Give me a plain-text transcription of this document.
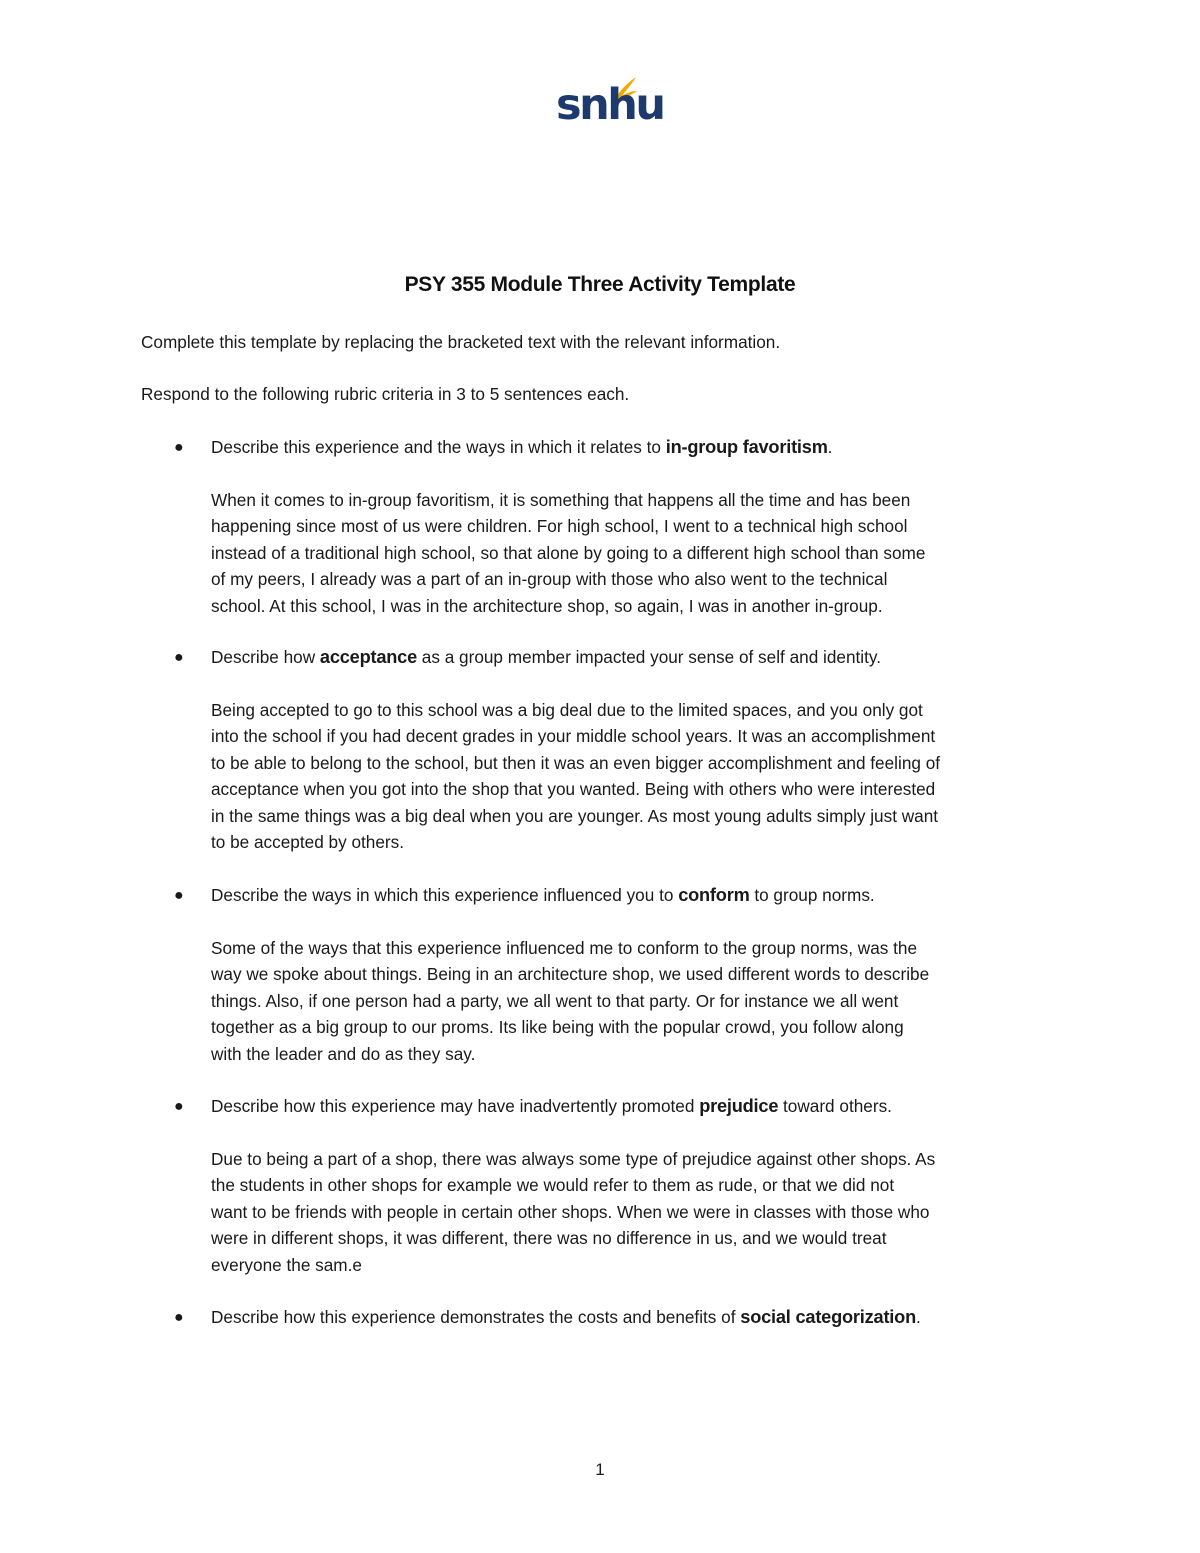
snhu
PSY 355 Module Three Activity Template

Complete this template by replacing the bracketed text with the relevant information.

Respond to the following rubric criteria in 3 to 5 sentences each.

● Describe this experience and the ways in which it relates to in-group favoritism.

When it comes to in-group favoritism, it is something that happens all the time and has been
happening since most of us were children. For high school, I went to a technical high school
instead of a traditional high school, so that alone by going to a different high school than some
of my peers, I already was a part of an in-group with those who also went to the technical
school. At this school, I was in the architecture shop, so again, I was in another in-group.
● Describe how acceptance as a group member impacted your sense of self and identity.

Being accepted to go to this school was a big deal due to the limited spaces, and you only got
into the school if you had decent grades in your middle school years. It was an accomplishment
to be able to belong to the school, but then it was an even bigger accomplishment and feeling of
acceptance when you got into the shop that you wanted. Being with others who were interested
in the same things was a big deal when you are younger. As most young adults simply just want
to be accepted by others.
● Describe the ways in which this experience influenced you to conform to group norms.

Some of the ways that this experience influenced me to conform to the group norms, was the
way we spoke about things. Being in an architecture shop, we used different words to describe
things. Also, if one person had a party, we all went to that party. Or for instance we all went
together as a big group to our proms. Its like being with the popular crowd, you follow along
with the leader and do as they say.
● Describe how this experience may have inadvertently promoted prejudice toward others.

Due to being a part of a shop, there was always some type of prejudice against other shops. As
the students in other shops for example we would refer to them as rude, or that we did not
want to be friends with people in certain other shops. When we were in classes with those who
were in different shops, it was different, there was no difference in us, and we would treat
everyone the sam.e
● Describe how this experience demonstrates the costs and benefits of social categorization.

1
